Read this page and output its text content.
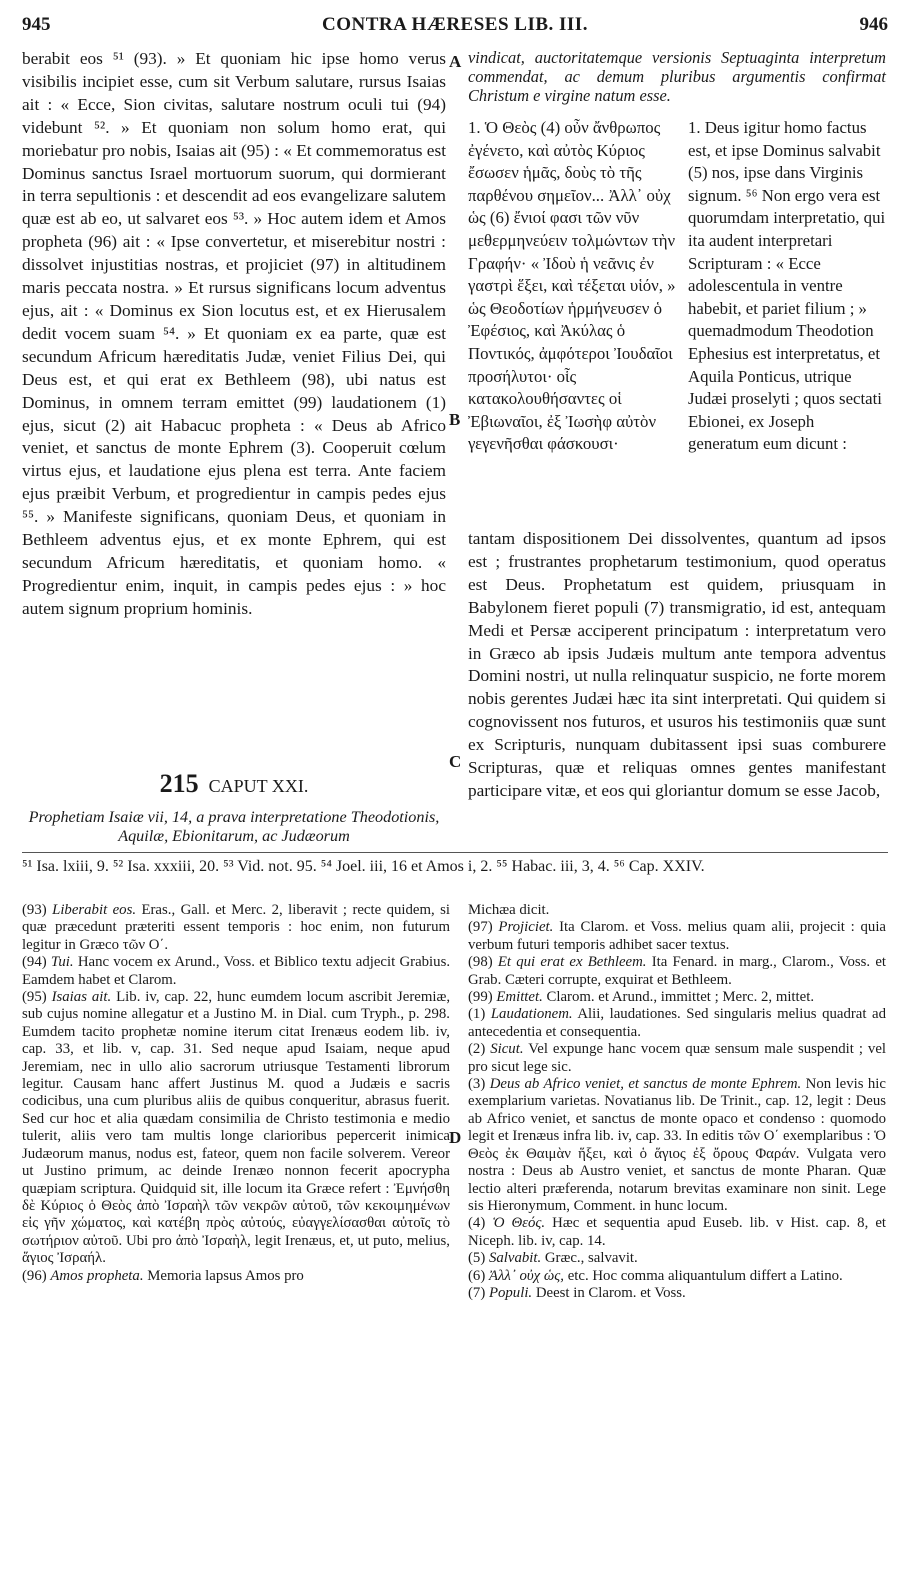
945	CONTRA HÆRESES LIB. III.	946
A
B
C
D

berabit eos ⁵¹ (93). » Et quoniam hic ipse homo verus visibilis incipiet esse, cum sit Verbum salutare, rursus Isaias ait : « Ecce, Sion civitas, salutare nostrum oculi tui (94) videbunt ⁵². » Et quoniam non solum homo erat, qui moriebatur pro nobis, Isaias ait (95) : « Et commemoratus est Dominus sanctus Israel mortuorum suorum, qui dormierant in terra sepultionis : et descendit ad eos evangelizare salutem quæ est ab eo, ut salvaret eos ⁵³. » Hoc autem idem et Amos propheta (96) ait : « Ipse convertetur, et miserebitur nostri : dissolvet injustitias nostras, et projiciet (97) in altitudinem maris peccata nostra. » Et rursus significans locum adventus ejus, ait : « Dominus ex Sion locutus est, et ex Hierusalem dedit vocem suam ⁵⁴. » Et quoniam ex ea parte, quæ est secundum Africum hæreditatis Judæ, veniet Filius Dei, qui Deus est, et qui erat ex Bethleem (98), ubi natus est Dominus, in omnem terram emittet (99) laudationem (1) ejus, sicut (2) ait Habacuc propheta : « Deus ab Africo veniet, et sanctus de monte Ephrem (3). Cooperuit cœlum virtus ejus, et laudatione ejus plena est terra. Ante faciem ejus præibit Verbum, et progredientur in campis pedes ejus ⁵⁵. » Manifeste significans, quoniam Deus, et quoniam in Bethleem adventus ejus, et ex monte Ephrem, qui est secundum Africum hæreditatis, et quoniam homo. « Progredientur enim, inquit, in campis pedes ejus : » hoc autem signum proprium hominis.

215 CAPUT XXI.
Prophetiam Isaiæ vii, 14, a prava interpretatione Theodotionis, Aquilæ, Ebionitarum, ac Judæorum
vindicat, auctoritatemque versionis Septuaginta interpretum commendat, ac demum pluribus argumentis confirmat Christum e virgine natum esse.
1. Ὁ Θεὸς (4) οὖν ἄνθρωπος ἐγένετο, καὶ αὐτὸς Κύριος ἔσωσεν ἡμᾶς, δοὺς τὸ τῆς παρθένου σημεῖον... Ἀλλ᾽ οὐχ ὡς (6) ἔνιοί φασι τῶν νῦν μεθερμηνεύειν τολμώντων τὴν Γραφήν· « Ἰδοὺ ἡ νεᾶνις ἐν γαστρὶ ἕξει, καὶ τέξεται υἱόν, » ὡς Θεοδοτίων ἡρμήνευσεν ὁ Ἐφέσιος, καὶ Ἀκύλας ὁ Ποντικός, ἀμφότεροι Ἰουδαῖοι προσήλυτοι· οἷς κατακολουθήσαντες οἱ Ἐβιωναῖοι, ἐξ Ἰωσὴφ αὐτὸν γεγενῆσθαι φάσκουσι·
1. Deus igitur homo factus est, et ipse Dominus salvabit (5) nos, ipse dans Virginis signum. ⁵⁶ Non ergo vera est quorumdam interpretatio, qui ita audent interpretari Scripturam : « Ecce adolescentula in ventre habebit, et pariet filium ; » quemadmodum Theodotion Ephesius est interpretatus, et Aquila Ponticus, utrique Judæi proselyti ; quos sectati Ebionei, ex Joseph generatum eum dicunt :
tantam dispositionem Dei dissolventes, quantum ad ipsos est ; frustrantes prophetarum testimonium, quod operatus est Deus. Prophetatum est quidem, priusquam in Babylonem fieret populi (7) transmigratio, id est, antequam Medi et Persæ acciperent principatum : interpretatum vero in Græco ab ipsis Judæis multum ante tempora adventus Domini nostri, ut nulla relinquatur suspicio, ne forte morem nobis gerentes Judæi hæc ita sint interpretati. Qui quidem si cognovissent nos futuros, et usuros his testimoniis quæ sunt ex Scripturis, nunquam dubitassent ipsi suas comburere Scripturas, quæ et reliquas omnes gentes manifestant participare vitæ, et eos qui gloriantur domum se esse Jacob,
⁵¹ Isa. lxiii, 9. ⁵² Isa. xxxiii, 20. ⁵³ Vid. not. 95. ⁵⁴ Joel. iii, 16 et Amos i, 2. ⁵⁵ Habac. iii, 3, 4. ⁵⁶ Cap. XXIV.

(93) Liberabit eos. Eras., Gall. et Merc. 2, liberavit ; recte quidem, si quæ præcedunt præteriti essent temporis : hoc enim, non futurum legitur in Græco τῶν Ο΄.

(94) Tui. Hanc vocem ex Arund., Voss. et Biblico textu adjecit Grabius. Eamdem habet et Clarom.

(95) Isaias ait. Lib. iv, cap. 22, hunc eumdem locum ascribit Jeremiæ, sub cujus nomine allegatur et a Justino M. in Dial. cum Tryph., p. 298. Eumdem tacito prophetæ nomine iterum citat Irenæus eodem lib. iv, cap. 33, et lib. v, cap. 31. Sed neque apud Isaiam, neque apud Jeremiam, nec in ullo alio sacrorum utriusque Testamenti librorum legitur. Causam hanc affert Justinus M. quod a Judæis e sacris codicibus, una cum pluribus aliis de quibus conqueritur, abrasus fuerit. Sed cur hoc et alia quædam consimilia de Christo testimonia e medio tulerit, aliis vero tam multis longe clarioribus pepercerit inimica Judæorum manus, nodus est, fateor, quem non facile solverem. Vereor ut Justino primum, ac deinde Irenæo nonnon fecerit apocrypha quæpiam scriptura. Quidquid sit, ille locum ita Græce refert : Ἐμνήσθη δὲ Κύριος ὁ Θεὸς ἀπὸ Ἰσραὴλ τῶν νεκρῶν αὐτοῦ, τῶν κεκοιμημένων εἰς γῆν χώματος, καὶ κατέβη πρὸς αὐτούς, εὐαγγελίσασθαι αὐτοῖς τὸ σωτήριον αὐτοῦ. Ubi pro ἀπὸ Ἰσραὴλ, legit Irenæus, et, ut puto, melius, ἅγιος Ἰσραήλ.

(96) Amos propheta. Memoria lapsus Amos pro

Michæa dicit.

(97) Projiciet. Ita Clarom. et Voss. melius quam alii, projecit : quia verbum futuri temporis adhibet sacer textus.

(98) Et qui erat ex Bethleem. Ita Fenard. in marg., Clarom., Voss. et Grab. Cæteri corrupte, exquirat et Bethleem.

(99) Emittet. Clarom. et Arund., immittet ; Merc. 2, mittet.

(1) Laudationem. Alii, laudationes. Sed singularis melius quadrat ad antecedentia et consequentia.

(2) Sicut. Vel expunge hanc vocem quæ sensum male suspendit ; vel pro sicut lege sic.

(3) Deus ab Africo veniet, et sanctus de monte Ephrem. Non levis hic exemplarium varietas. Novatianus lib. De Trinit., cap. 12, legit : Deus ab Africo veniet, et sanctus de monte opaco et condenso : quomodo legit et Irenæus infra lib. iv, cap. 33. In editis τῶν Ο΄ exemplaribus : Ὁ Θεὸς ἐκ Θαιμὰν ἥξει, καὶ ὁ ἅγιος ἐξ ὄρους Φαράν. Vulgata vero nostra : Deus ab Austro veniet, et sanctus de monte Pharan. Quæ lectio alteri præferenda, notarum brevitas examinare non sinit. Lege sis Hieronymum, Comment. in hunc locum.

(4) Ὁ Θεός. Hæc et sequentia apud Euseb. lib. v Hist. cap. 8, et Niceph. lib. iv, cap. 14.

(5) Salvabit. Græc., salvavit.

(6) Ἀλλ᾽ οὐχ ὡς, etc. Hoc comma aliquantulum differt a Latino.

(7) Populi. Deest in Clarom. et Voss.
